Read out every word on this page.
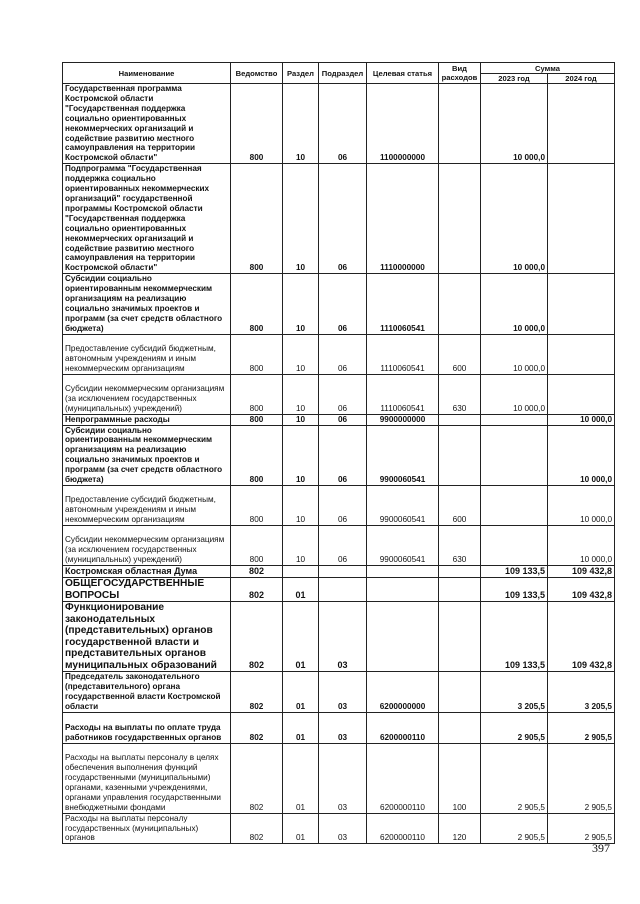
Наименование	Ведомство	Раздел	Подраздел	Целевая статья	Вид расходов	Сумма	
						2023 год	2024 год
Государственная программа Костромской области "Государственная поддержка социально ориентированных некоммерческих организаций и содействие развитию местного самоуправления на территории Костромской области"	800	10	06	1100000000		10 000,0	
Подпрограмма "Государственная поддержка социально ориентированных некоммерческих организаций" государственной программы Костромской области "Государственная поддержка социально ориентированных некоммерческих организаций и содействие развитию местного самоуправления на территории Костромской области"	800	10	06	1110000000		10 000,0	
Субсидии социально ориентированным некоммерческим организациям на реализацию социально значимых проектов и программ (за счет средств областного бюджета)	800	10	06	1110060541		10 000,0	
Предоставление субсидий бюджетным, автономным учреждениям и иным некоммерческим организациям	800	10	06	1110060541	600	10 000,0	
Субсидии некоммерческим организациям (за исключением государственных (муниципальных) учреждений)	800	10	06	1110060541	630	10 000,0	
Непрограммные расходы	800	10	06	9900000000			10 000,0
Субсидии социально ориентированным некоммерческим организациям на реализацию социально значимых проектов и программ (за счет средств областного бюджета)	800	10	06	9900060541			10 000,0
Предоставление субсидий бюджетным, автономным учреждениям и иным некоммерческим организациям	800	10	06	9900060541	600		10 000,0
Субсидии некоммерческим организациям (за исключением государственных (муниципальных) учреждений)	800	10	06	9900060541	630		10 000,0
Костромская областная Дума	802					109 133,5	109 432,8
ОБЩЕГОСУДАРСТВЕННЫЕ ВОПРОСЫ	802	01				109 133,5	109 432,8
Функционирование законодательных (представительных) органов государственной власти и представительных органов муниципальных образований	802	01	03			109 133,5	109 432,8
Председатель законодательного (представительного) органа государственной власти Костромской области	802	01	03	6200000000		3 205,5	3 205,5
Расходы на выплаты по оплате труда работников государственных органов	802	01	03	6200000110		2 905,5	2 905,5
Расходы на выплаты персоналу в целях обеспечения выполнения функций государственными (муниципальными) органами, казенными учреждениями, органами управления государственными внебюджетными фондами	802	01	03	6200000110	100	2 905,5	2 905,5
Расходы на выплаты персоналу государственных (муниципальных) органов	802	01	03	6200000110	120	2 905,5	2 905,5
397
